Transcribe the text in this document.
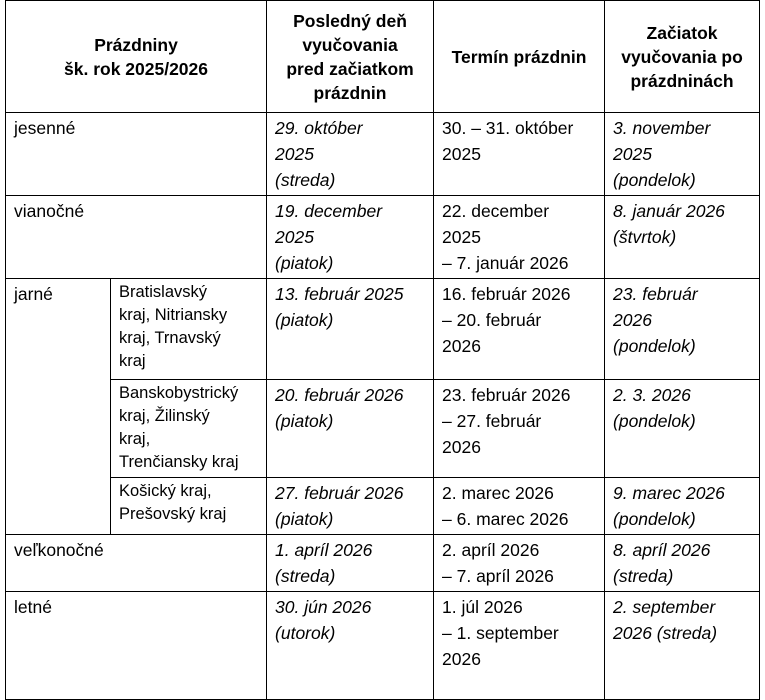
Prázdniny
šk. rok 2025/2026		Posledný deň
vyučovania
pred začiatkom
prázdnin	Termín prázdnin	Začiatok
vyučovania po
prázdninách

jesenné		29. október
2025
(streda)	30. – 31. október
2025	3. november
2025
(pondelok)

vianočné		19. december
2025
(piatok)	22. december
2025
– 7. január 2026	8. január 2026
(štvrtok)

jarné	Bratislavský
kraj, Nitriansky
kraj, Trnavský
kraj	13. február 2025
(piatok)	16. február 2026
– 20. február
2026	23. február
2026
(pondelok)

	Banskobystrický
kraj, Žilinský
kraj,
Trenčiansky kraj	20. február 2026
(piatok)	23. február 2026
– 27. február
2026	2. 3. 2026
(pondelok)

	Košický kraj,
Prešovský kraj	27. február 2026
(piatok)	2. marec 2026
– 6. marec 2026	9. marec 2026
(pondelok)

veľkonočné		1. apríl 2026
(streda)	2. apríl 2026
– 7. apríl 2026	8. apríl 2026
(streda)

letné		30. jún 2026
(utorok)	1. júl 2026
– 1. september
2026	2. september
2026 (streda)
